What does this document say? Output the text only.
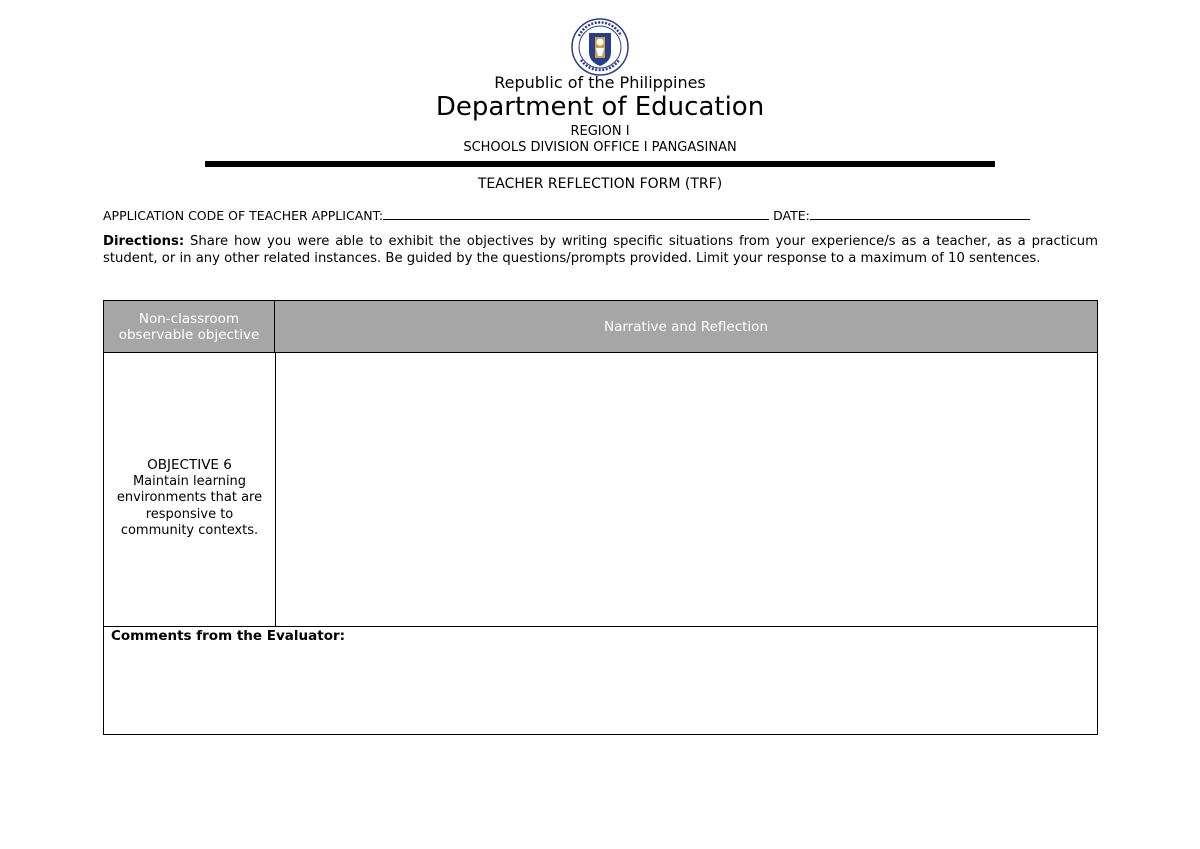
Republic of the Philippines
Department of Education
REGION I
SCHOOLS DIVISION OFFICE I PANGASINAN
TEACHER REFLECTION FORM (TRF)
APPLICATION CODE OF TEACHER APPLICANT:	DATE:
Directions: Share how you were able to exhibit the objectives by writing specific situations from your experience/s as a teacher, as a practicum student, or in any other related instances. Be guided by the questions/prompts provided. Limit your response to a maximum of 10 sentences.
Non-classroom observable objective	Narrative and Reflection
OBJECTIVE 6
Maintain learning environments that are responsive to community contexts.
Comments from the Evaluator:
